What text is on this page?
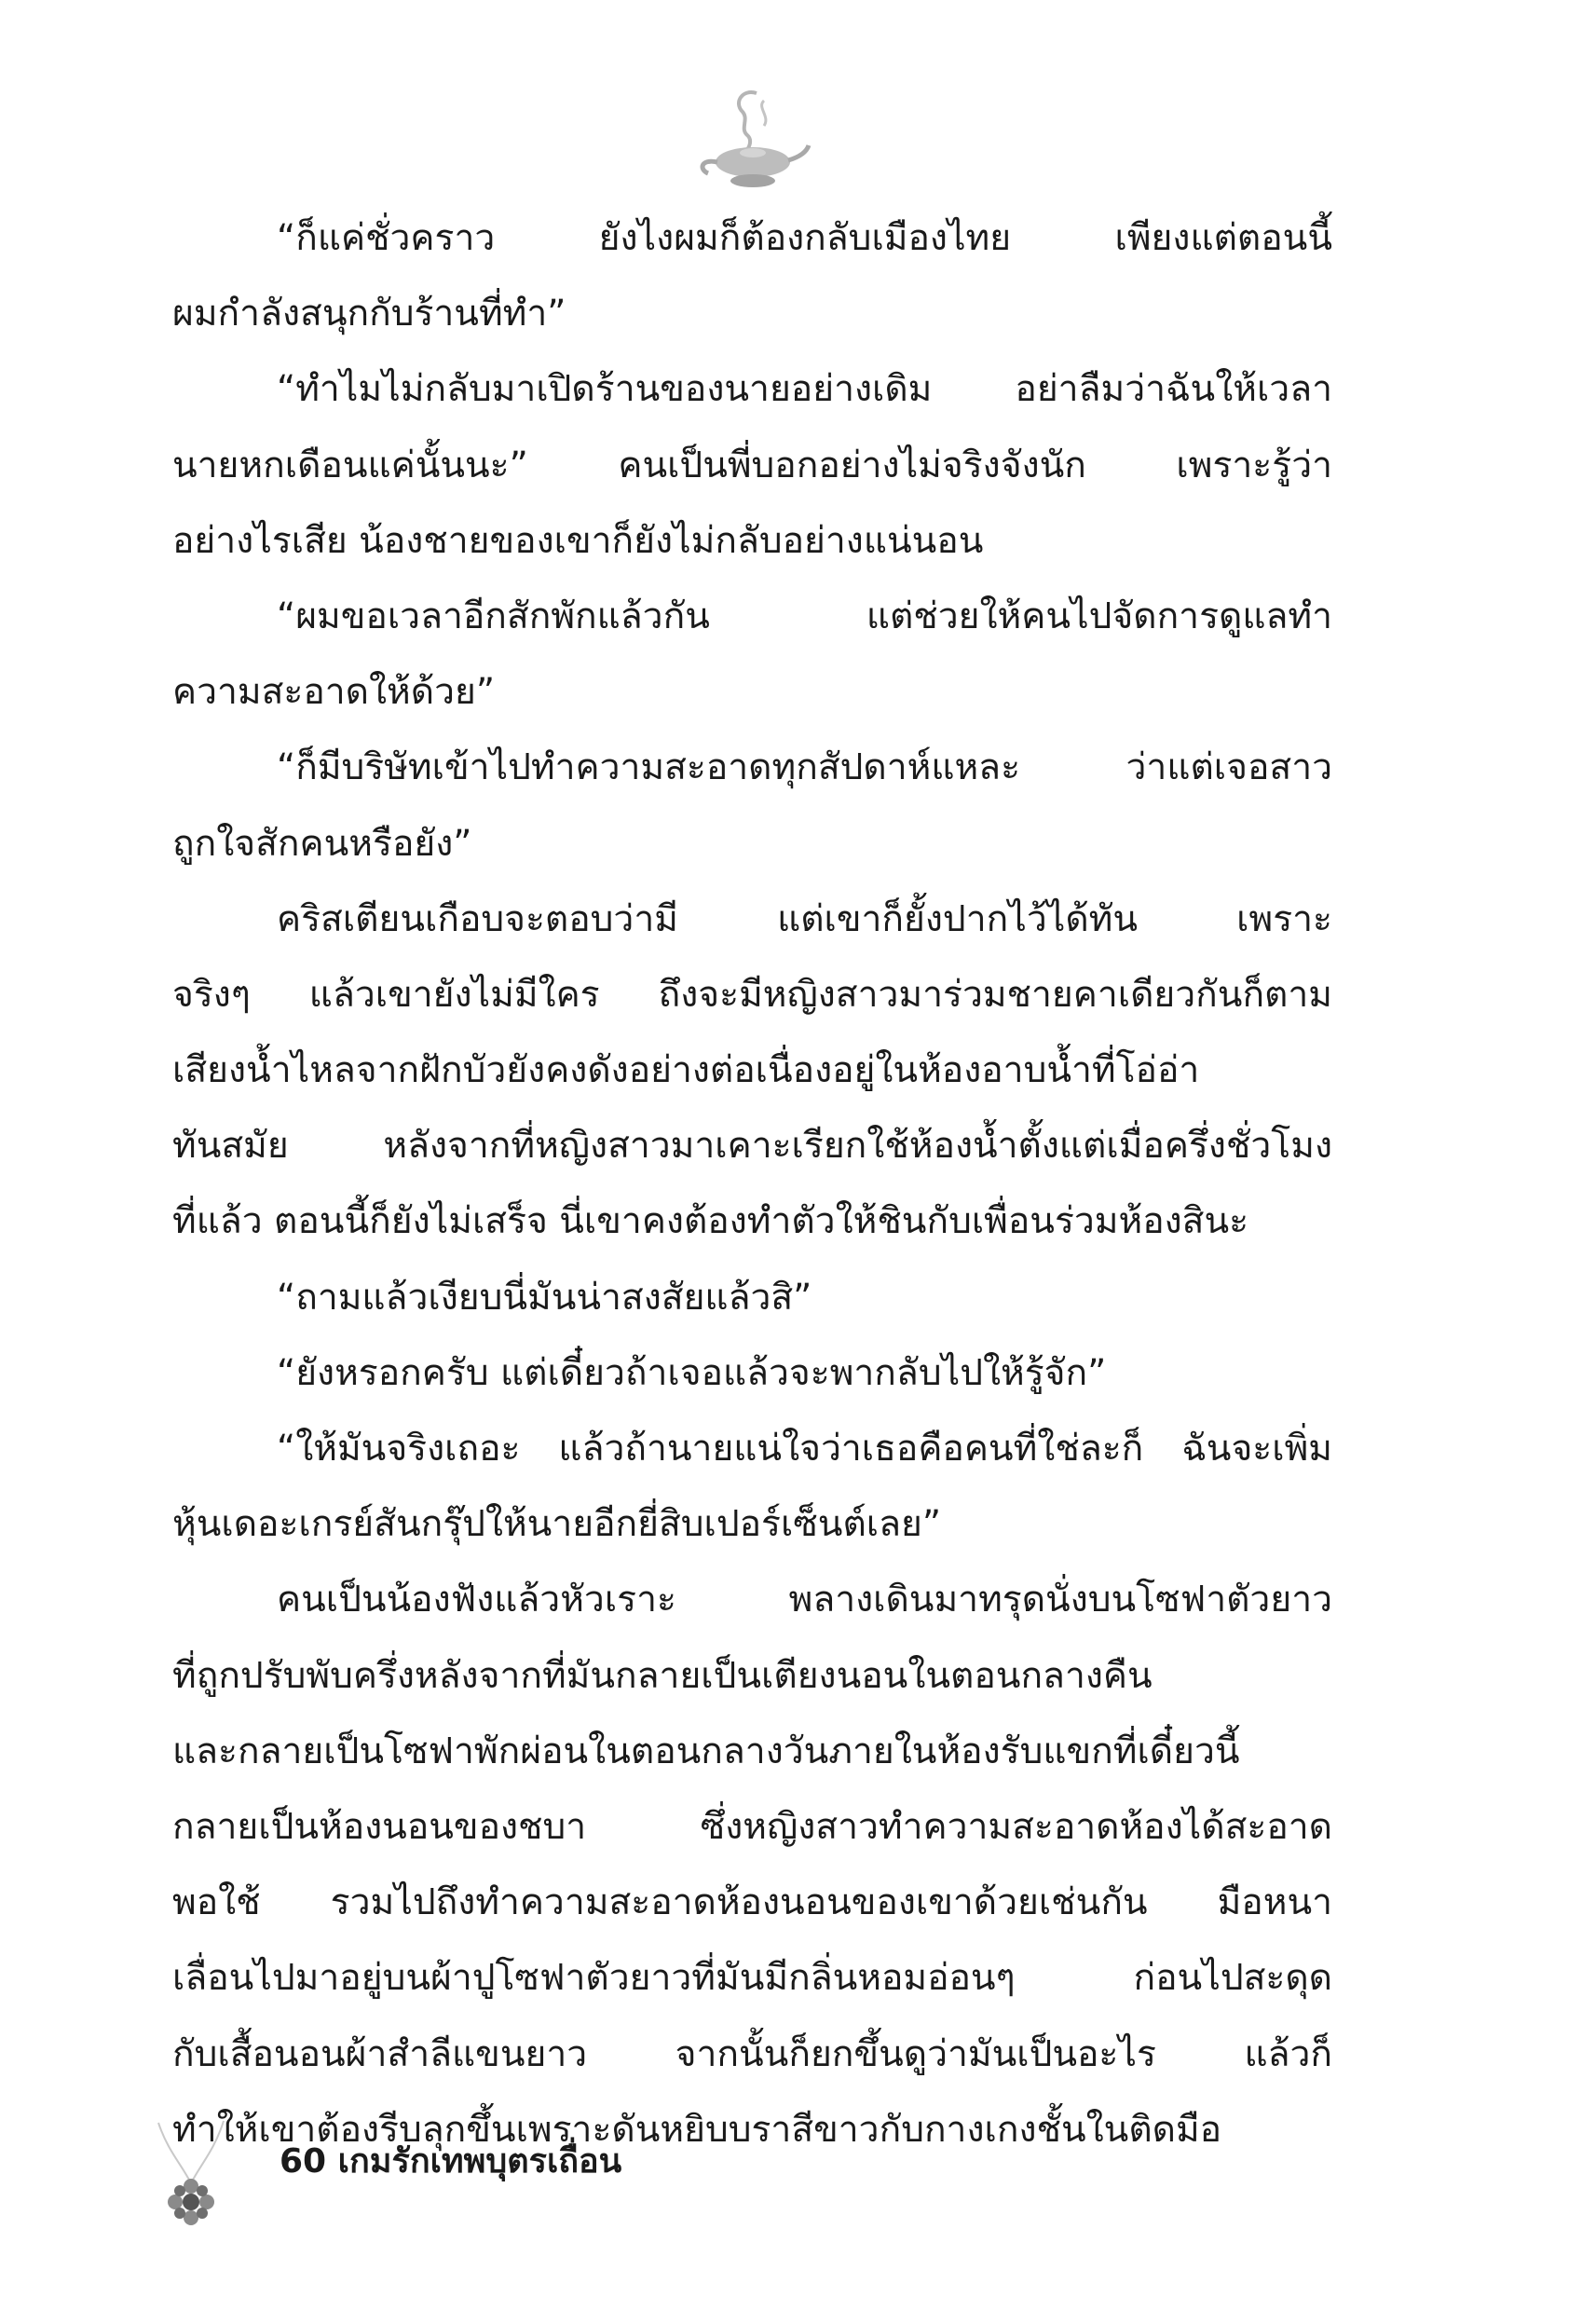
“ก็แค่ชั่วคราว ยังไงผมก็ต้องกลับเมืองไทย เพียงแต่ตอนนี้
ผมกำลังสนุกกับร้านที่ทำ”
“ทำไมไม่กลับมาเปิดร้านของนายอย่างเดิม อย่าลืมว่าฉันให้เวลา
นายหกเดือนแค่นั้นนะ” คนเป็นพี่บอกอย่างไม่จริงจังนัก เพราะรู้ว่า
อย่างไรเสีย น้องชายของเขาก็ยังไม่กลับอย่างแน่นอน
“ผมขอเวลาอีกสักพักแล้วกัน แต่ช่วยให้คนไปจัดการดูแลทำ
ความสะอาดให้ด้วย”
“ก็มีบริษัทเข้าไปทำความสะอาดทุกสัปดาห์แหละ ว่าแต่เจอสาว
ถูกใจสักคนหรือยัง”
คริสเตียนเกือบจะตอบว่ามี แต่เขาก็ยั้งปากไว้ได้ทัน เพราะ
จริงๆ แล้วเขายังไม่มีใคร ถึงจะมีหญิงสาวมาร่วมชายคาเดียวกันก็ตาม
เสียงน้ำไหลจากฝักบัวยังคงดังอย่างต่อเนื่องอยู่ในห้องอาบน้ำที่โอ่อ่า
ทันสมัย หลังจากที่หญิงสาวมาเคาะเรียกใช้ห้องน้ำตั้งแต่เมื่อครึ่งชั่วโมง
ที่แล้ว ตอนนี้ก็ยังไม่เสร็จ นี่เขาคงต้องทำตัวให้ชินกับเพื่อนร่วมห้องสินะ
“ถามแล้วเงียบนี่มันน่าสงสัยแล้วสิ”
“ยังหรอกครับ แต่เดี๋ยวถ้าเจอแล้วจะพากลับไปให้รู้จัก”
“ให้มันจริงเถอะ แล้วถ้านายแน่ใจว่าเธอคือคนที่ใช่ละก็ ฉันจะเพิ่ม
หุ้นเดอะเกรย์สันกรุ๊ปให้นายอีกยี่สิบเปอร์เซ็นต์เลย”
คนเป็นน้องฟังแล้วหัวเราะ พลางเดินมาทรุดนั่งบนโซฟาตัวยาว
ที่ถูกปรับพับครึ่งหลังจากที่มันกลายเป็นเตียงนอนในตอนกลางคืน
และกลายเป็นโซฟาพักผ่อนในตอนกลางวันภายในห้องรับแขกที่เดี๋ยวนี้
กลายเป็นห้องนอนของชบา ซึ่งหญิงสาวทำความสะอาดห้องได้สะอาด
พอใช้ รวมไปถึงทำความสะอาดห้องนอนของเขาด้วยเช่นกัน มือหนา
เลื่อนไปมาอยู่บนผ้าปูโซฟาตัวยาวที่มันมีกลิ่นหอมอ่อนๆ ก่อนไปสะดุด
กับเสื้อนอนผ้าสำลีแขนยาว จากนั้นก็ยกขึ้นดูว่ามันเป็นอะไร แล้วก็
ทำให้เขาต้องรีบลุกขึ้นเพราะดันหยิบบราสีขาวกับกางเกงชั้นในติดมือ
60 เกมรักเทพบุตรเถื่อน
